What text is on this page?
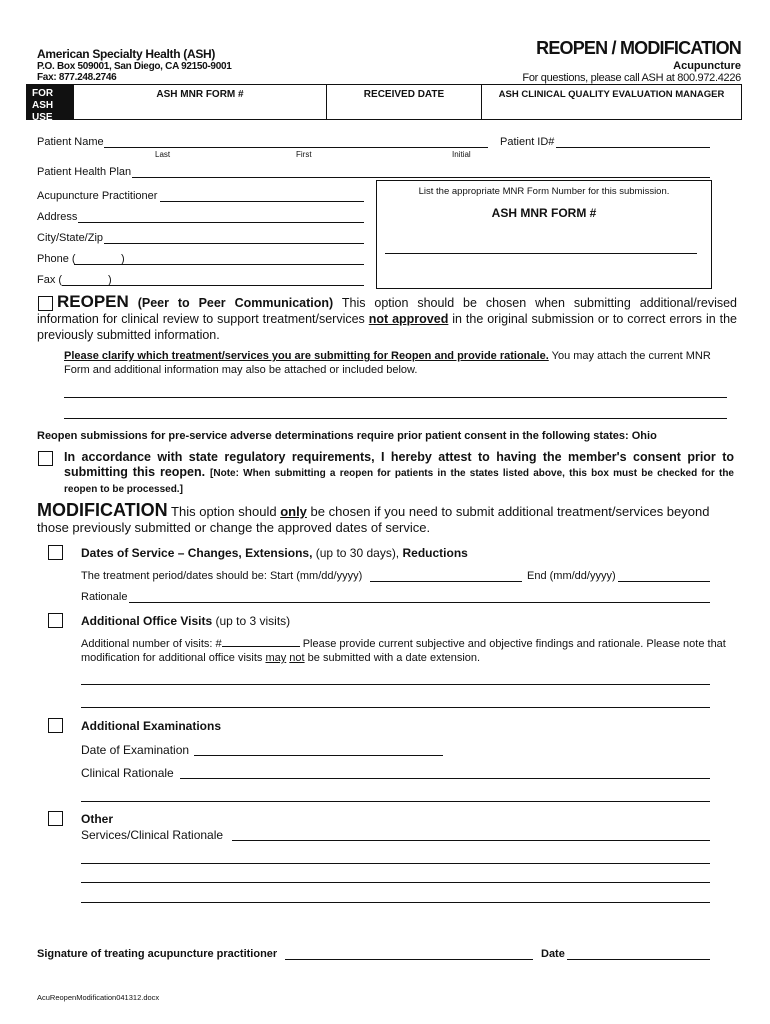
American Specialty Health (ASH)
P.O. Box 509001, San Diego, CA 92150-9001
Fax: 877.248.2746
REOPEN / MODIFICATION
Acupuncture
For questions, please call ASH at 800.972.4226
FOR ASH
USE ONLY
ASH MNR FORM #	RECEIVED DATE	ASH CLINICAL QUALITY EVALUATION MANAGER
Patient Name
Last	First	Initial
Patient ID#
Patient Health Plan
Acupuncture Practitioner
Address
City/State/Zip
Phone (	)
Fax (	)
List the appropriate MNR Form Number for this submission.
ASH MNR FORM #
REOPEN (Peer to Peer Communication) This option should be chosen when submitting additional/revised information for clinical review to support treatment/services not approved in the original submission or to correct errors in the previously submitted information.
Please clarify which treatment/services you are submitting for Reopen and provide rationale. You may attach the current MNR Form and additional information may also be attached or included below.
Reopen submissions for pre-service adverse determinations require prior patient consent in the following states: Ohio
In accordance with state regulatory requirements, I hereby attest to having the member's consent prior to submitting this reopen. [Note: When submitting a reopen for patients in the states listed above, this box must be checked for the reopen to be processed.]
MODIFICATION This option should only be chosen if you need to submit additional treatment/services beyond those previously submitted or change the approved dates of service.
Dates of Service – Changes, Extensions, (up to 30 days), Reductions
The treatment period/dates should be: Start (mm/dd/yyyy)	End (mm/dd/yyyy)
Rationale
Additional Office Visits (up to 3 visits)
Additional number of visits: #	Please provide current subjective and objective findings and rationale. Please note that modification for additional office visits may not be submitted with a date extension.
Additional Examinations
Date of Examination
Clinical Rationale
Other
Services/Clinical Rationale
Signature of treating acupuncture practitioner	Date
AcuReopenModification041312.docx
